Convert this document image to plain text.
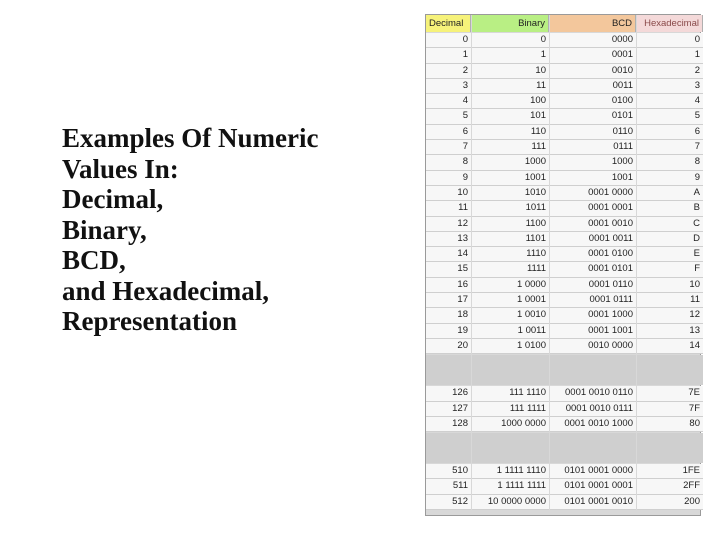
Examples Of Numeric
Values In:
Decimal,
Binary,
BCD,
and Hexadecimal,
Representation
Decimal	Binary	BCD	Hexadecimal
0	0	0000	0
1	1	0001	1
2	10	0010	2
3	11	0011	3
4	100	0100	4
5	101	0101	5
6	110	0110	6
7	111	0111	7
8	1000	1000	8
9	1001	1001	9
10	1010	0001 0000	A
11	1011	0001 0001	B
12	1100	0001 0010	C
13	1101	0001 0011	D
14	1110	0001 0100	E
15	1111	0001 0101	F
16	1 0000	0001 0110	10
17	1 0001	0001 0111	11
18	1 0010	0001 1000	12
19	1 0011	0001 1001	13
20	1 0100	0010 0000	14
126	111 1110	0001 0010 0110	7E
127	111 1111	0001 0010 0111	7F
128	1000 0000	0001 0010 1000	80
510	1 1111 1110	0101 0001 0000	1FE
511	1 1111 1111	0101 0001 0001	2FF
512	10 0000 0000	0101 0001 0010	200
